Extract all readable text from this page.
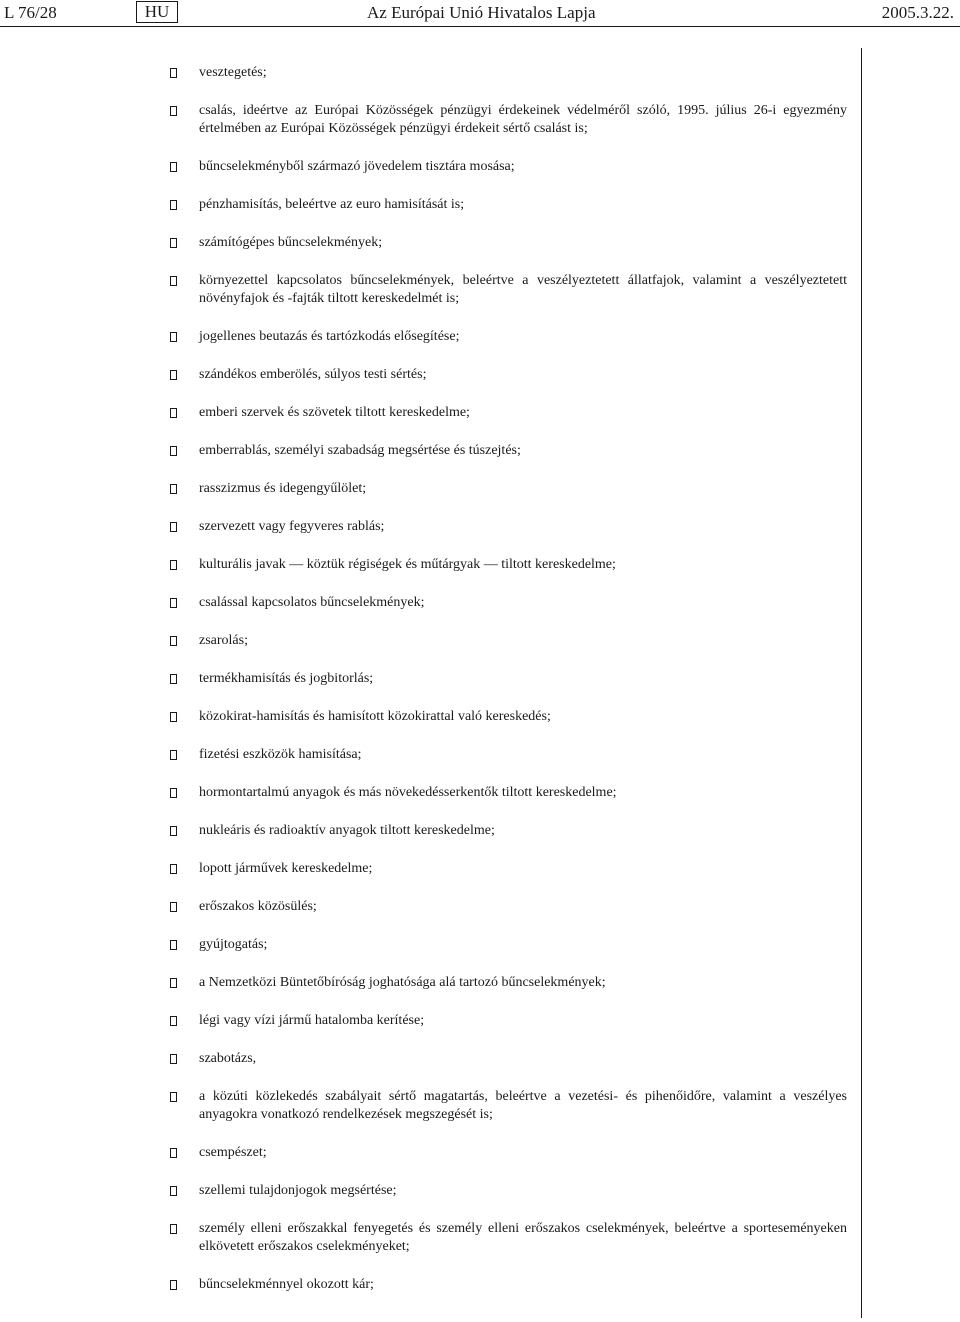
L 76/28	HU	Az Európai Unió Hivatalos Lapja	2005.3.22.
vesztegetés;
csalás, ideértve az Európai Közösségek pénzügyi érdekeinek védelméről szóló, 1995. július 26-i egyezmény értelmében az Európai Közösségek pénzügyi érdekeit sértő csalást is;
bűncselekményből származó jövedelem tisztára mosása;
pénzhamisítás, beleértve az euro hamisítását is;
számítógépes bűncselekmények;
környezettel kapcsolatos bűncselekmények, beleértve a veszélyeztetett állatfajok, valamint a veszélyeztetett növényfajok és -fajták tiltott kereskedelmét is;
jogellenes beutazás és tartózkodás elősegítése;
szándékos emberölés, súlyos testi sértés;
emberi szervek és szövetek tiltott kereskedelme;
emberrablás, személyi szabadság megsértése és túszejtés;
rasszizmus és idegengyűlölet;
szervezett vagy fegyveres rablás;
kulturális javak — köztük régiségek és műtárgyak — tiltott kereskedelme;
csalással kapcsolatos bűncselekmények;
zsarolás;
termékhamisítás és jogbitorlás;
közokirat-hamisítás és hamisított közokirattal való kereskedés;
fizetési eszközök hamisítása;
hormontartalmú anyagok és más növekedésserkentők tiltott kereskedelme;
nukleáris és radioaktív anyagok tiltott kereskedelme;
lopott járművek kereskedelme;
erőszakos közösülés;
gyújtogatás;
a Nemzetközi Büntetőbíróság joghatósága alá tartozó bűncselekmények;
légi vagy vízi jármű hatalomba kerítése;
szabotázs,
a közúti közlekedés szabályait sértő magatartás, beleértve a vezetési- és pihenőidőre, valamint a veszélyes anyagokra vonatkozó rendelkezések megszegését is;
csempészet;
szellemi tulajdonjogok megsértése;
személy elleni erőszakkal fenyegetés és személy elleni erőszakos cselekmények, beleértve a sporteseményeken elkövetett erőszakos cselekményeket;
bűncselekménnyel okozott kár;
